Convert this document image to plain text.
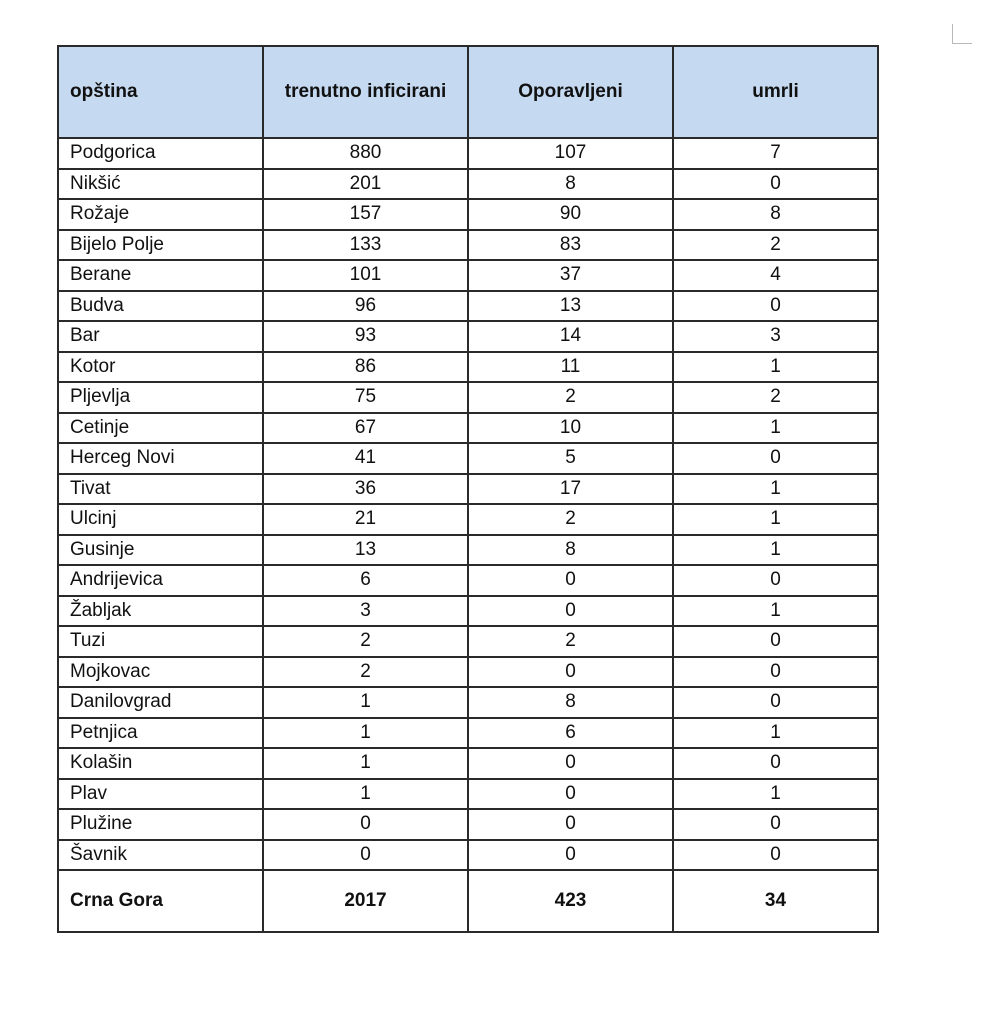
opština	trenutno inficirani	Oporavljeni	umrli
Podgorica	880	107	7
Nikšić	201	8	0
Rožaje	157	90	8
Bijelo Polje	133	83	2
Berane	101	37	4
Budva	96	13	0
Bar	93	14	3
Kotor	86	11	1
Pljevlja	75	2	2
Cetinje	67	10	1
Herceg Novi	41	5	0
Tivat	36	17	1
Ulcinj	21	2	1
Gusinje	13	8	1
Andrijevica	6	0	0
Žabljak	3	0	1
Tuzi	2	2	0
Mojkovac	2	0	0
Danilovgrad	1	8	0
Petnjica	1	6	1
Kolašin	1	0	0
Plav	1	0	1
Plužine	0	0	0
Šavnik	0	0	0
Crna Gora	2017	423	34
